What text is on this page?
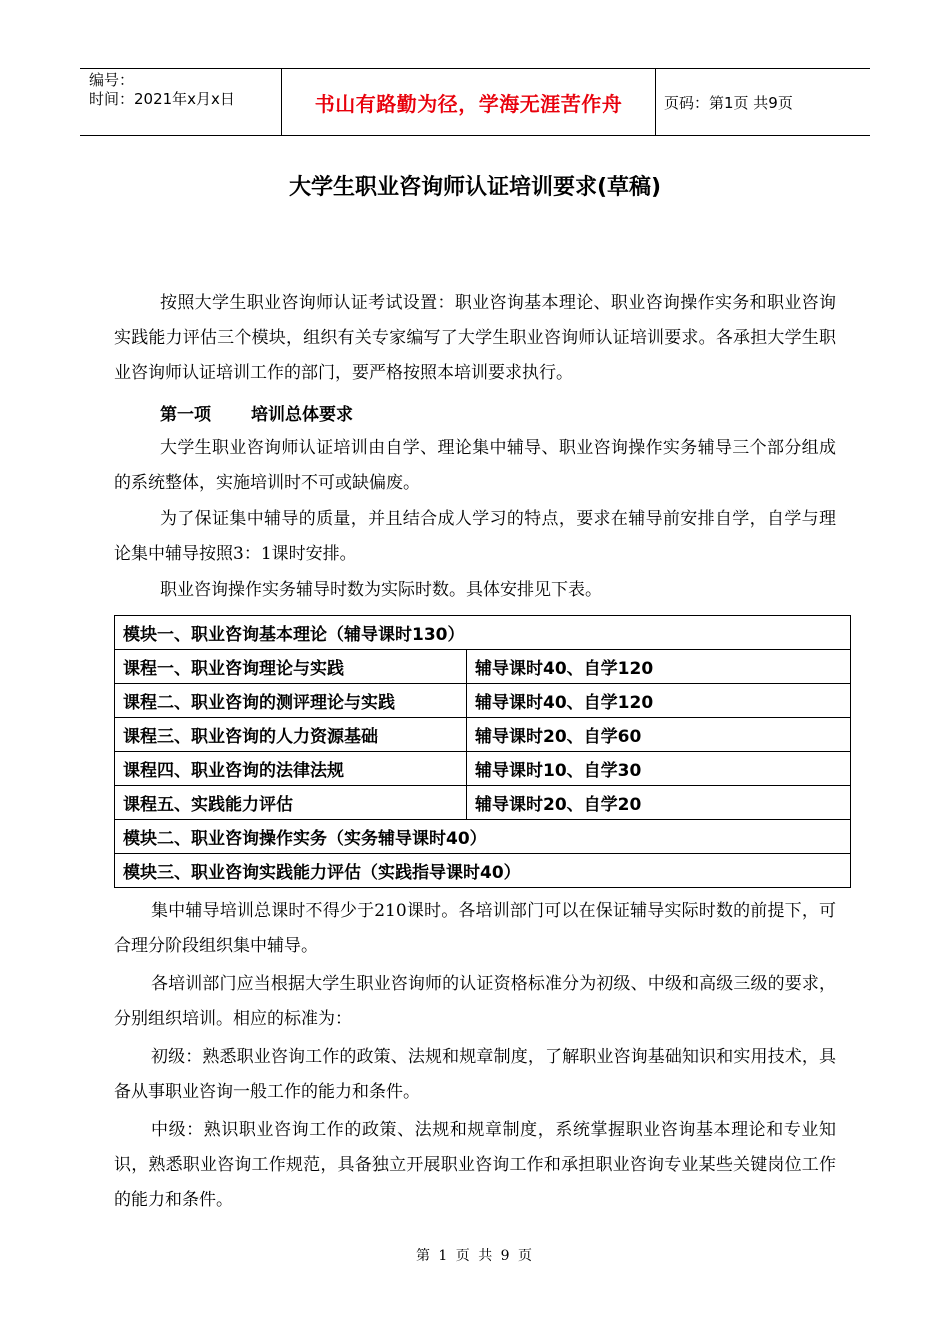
编号：
时间：2021年x月x日	书山有路勤为径，学海无涯苦作舟	页码：第1页 共9页
大学生职业咨询师认证培训要求(草稿)

按照大学生职业咨询师认证考试设置：职业咨询基本理论、职业咨询操作实务和职业咨询实践能力评估三个模块，组织有关专家编写了大学生职业咨询师认证培训要求。各承担大学生职业咨询师认证培训工作的部门，要严格按照本培训要求执行。

第一项 培训总体要求

大学生职业咨询师认证培训由自学、理论集中辅导、职业咨询操作实务辅导三个部分组成的系统整体，实施培训时不可或缺偏废。

为了保证集中辅导的质量，并且结合成人学习的特点，要求在辅导前安排自学，自学与理论集中辅导按照3：1课时安排。

职业咨询操作实务辅导时数为实际时数。具体安排见下表。

模块一、职业咨询基本理论（辅导课时130）	
课程一、职业咨询理论与实践	辅导课时40、自学120
课程二、职业咨询的测评理论与实践	辅导课时40、自学120
课程三、职业咨询的人力资源基础	辅导课时20、自学60
课程四、职业咨询的法律法规	辅导课时10、自学30
课程五、实践能力评估	辅导课时20、自学20
模块二、职业咨询操作实务（实务辅导课时40）	
模块三、职业咨询实践能力评估（实践指导课时40）	

集中辅导培训总课时不得少于210课时。各培训部门可以在保证辅导实际时数的前提下，可合理分阶段组织集中辅导。

各培训部门应当根据大学生职业咨询师的认证资格标准分为初级、中级和高级三级的要求，分别组织培训。相应的标准为：

初级：熟悉职业咨询工作的政策、法规和规章制度，了解职业咨询基础知识和实用技术，具备从事职业咨询一般工作的能力和条件。

中级：熟识职业咨询工作的政策、法规和规章制度，系统掌握职业咨询基本理论和专业知识，熟悉职业咨询工作规范，具备独立开展职业咨询工作和承担职业咨询专业某些关键岗位工作的能力和条件。

第 1 页 共 9 页
